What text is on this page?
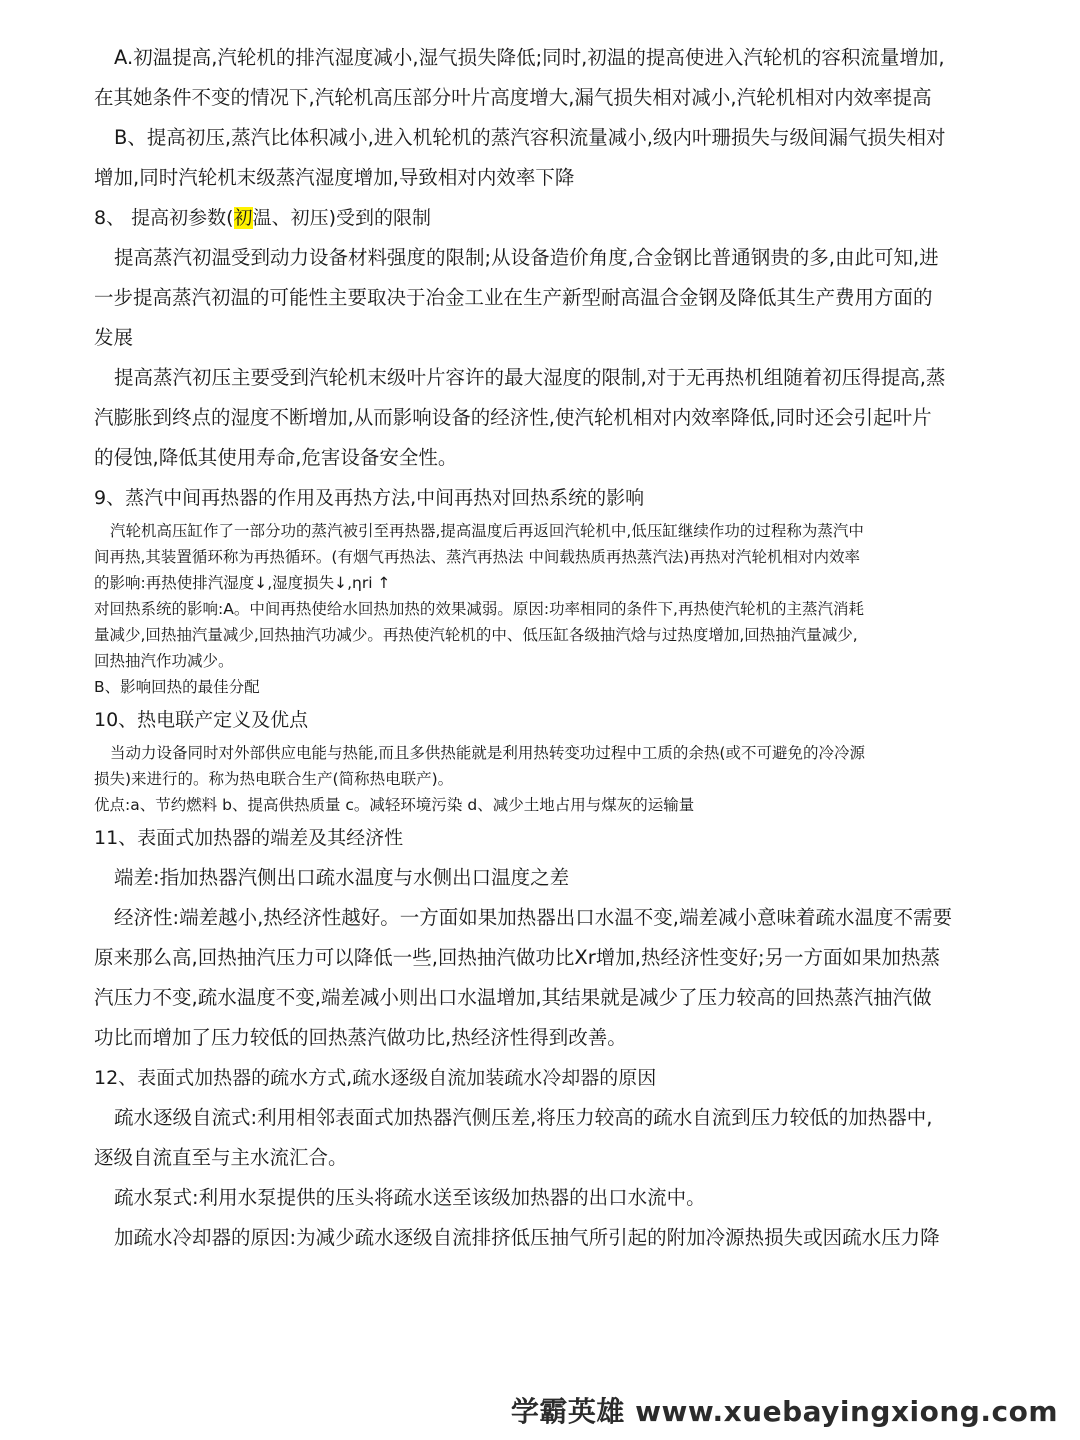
A.初温提高,汽轮机的排汽湿度减小,湿气损失降低;同时,初温的提高使进入汽轮机的容积流量增加,

在其她条件不变的情况下,汽轮机高压部分叶片高度增大,漏气损失相对减小,汽轮机相对内效率提高

B、提高初压,蒸汽比体积减小,进入机轮机的蒸汽容积流量减小,级内叶珊损失与级间漏气损失相对

增加,同时汽轮机末级蒸汽湿度增加,导致相对内效率下降

8、 提高初参数(初温、初压)受到的限制

提高蒸汽初温受到动力设备材料强度的限制;从设备造价角度,合金钢比普通钢贵的多,由此可知,进

一步提高蒸汽初温的可能性主要取决于冶金工业在生产新型耐高温合金钢及降低其生产费用方面的

发展

提高蒸汽初压主要受到汽轮机末级叶片容许的最大湿度的限制,对于无再热机组随着初压得提高,蒸

汽膨胀到终点的湿度不断增加,从而影响设备的经济性,使汽轮机相对内效率降低,同时还会引起叶片

的侵蚀,降低其使用寿命,危害设备安全性。

9、蒸汽中间再热器的作用及再热方法,中间再热对回热系统的影响

汽轮机高压缸作了一部分功的蒸汽被引至再热器,提高温度后再返回汽轮机中,低压缸继续作功的过程称为蒸汽中

间再热,其装置循环称为再热循环。(有烟气再热法、蒸汽再热法 中间载热质再热蒸汽法)再热对汽轮机相对内效率

的影响:再热使排汽湿度↓,湿度损失↓,ηri ↑

对回热系统的影响:A。中间再热使给水回热加热的效果减弱。原因:功率相同的条件下,再热使汽轮机的主蒸汽消耗

量减少,回热抽汽量减少,回热抽汽功减少。再热使汽轮机的中、低压缸各级抽汽焓与过热度增加,回热抽汽量减少,

回热抽汽作功减少。

B、影响回热的最佳分配

10、热电联产定义及优点

当动力设备同时对外部供应电能与热能,而且多供热能就是利用热转变功过程中工质的余热(或不可避免的冷冷源

损失)来进行的。称为热电联合生产(简称热电联产)。

优点:a、节约燃料 b、提高供热质量 c。减轻环境污染 d、减少土地占用与煤灰的运输量

11、表面式加热器的端差及其经济性

端差:指加热器汽侧出口疏水温度与水侧出口温度之差

经济性:端差越小,热经济性越好。一方面如果加热器出口水温不变,端差减小意味着疏水温度不需要

原来那么高,回热抽汽压力可以降低一些,回热抽汽做功比Xr增加,热经济性变好;另一方面如果加热蒸

汽压力不变,疏水温度不变,端差减小则出口水温增加,其结果就是减少了压力较高的回热蒸汽抽汽做

功比而增加了压力较低的回热蒸汽做功比,热经济性得到改善。

12、表面式加热器的疏水方式,疏水逐级自流加装疏水冷却器的原因

疏水逐级自流式:利用相邻表面式加热器汽侧压差,将压力较高的疏水自流到压力较低的加热器中,

逐级自流直至与主水流汇合。

疏水泵式:利用水泵提供的压头将疏水送至该级加热器的出口水流中。

加疏水冷却器的原因:为减少疏水逐级自流排挤低压抽气所引起的附加冷源热损失或因疏水压力降

学霸英雄 www.xuebayingxiong.com
